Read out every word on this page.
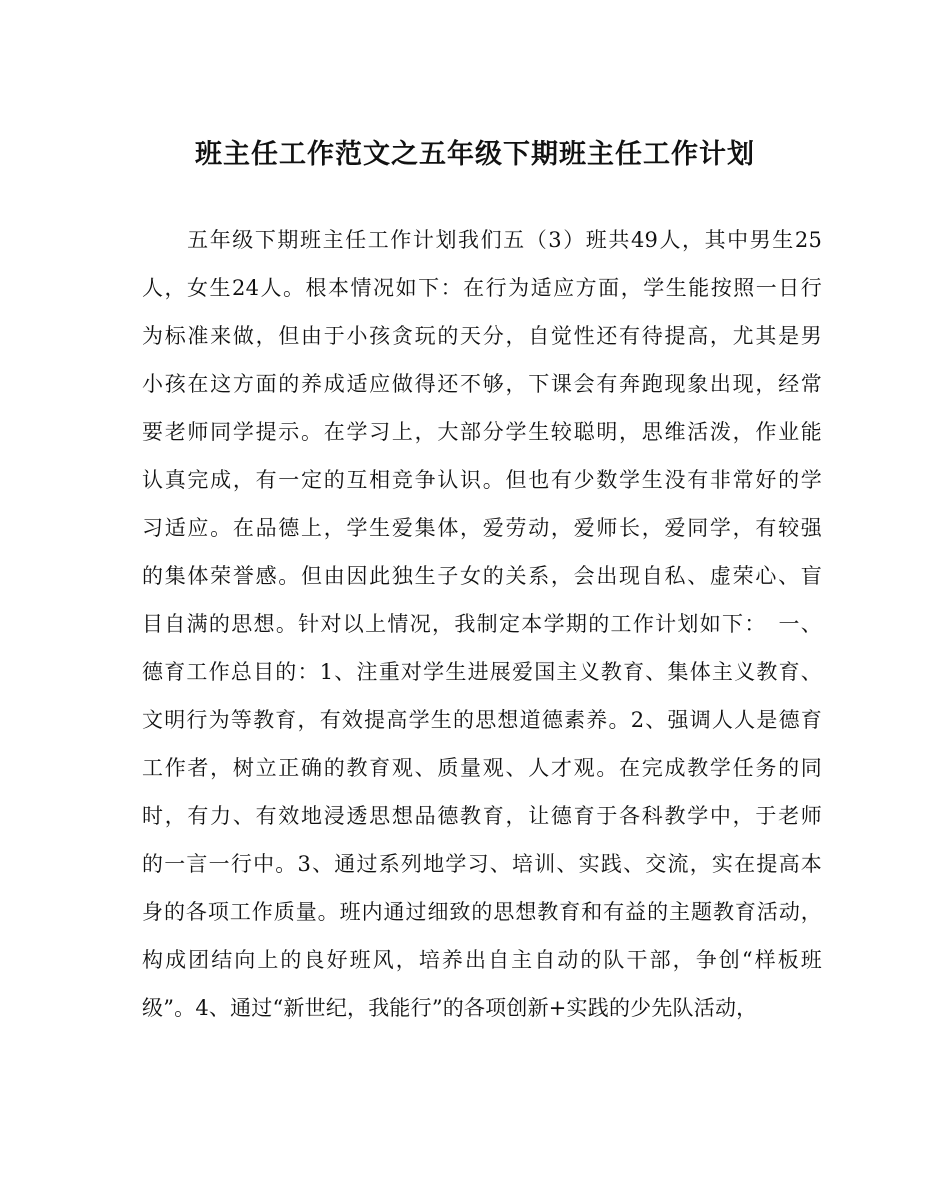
班主任工作范文之五年级下期班主任工作计划
　　五年级下期班主任工作计划我们五（3）班共49人，其中男生25
人，女生24人。根本情况如下：在行为适应方面，学生能按照一日行
为标准来做，但由于小孩贪玩的天分，自觉性还有待提高，尤其是男
小孩在这方面的养成适应做得还不够，下课会有奔跑现象出现，经常
要老师同学提示。在学习上，大部分学生较聪明，思维活泼，作业能
认真完成，有一定的互相竞争认识。但也有少数学生没有非常好的学
习适应。在品德上，学生爱集体，爱劳动，爱师长，爱同学，有较强
的集体荣誉感。但由因此独生子女的关系，会出现自私、虚荣心、盲
目自满的思想。针对以上情况，我制定本学期的工作计划如下：　一、
德育工作总目的：1、注重对学生进展爱国主义教育、集体主义教育、
文明行为等教育，有效提高学生的思想道德素养。2、强调人人是德育
工作者，树立正确的教育观、质量观、人才观。在完成教学任务的同
时，有力、有效地浸透思想品德教育，让德育于各科教学中，于老师
的一言一行中。3、通过系列地学习、培训、实践、交流，实在提高本
身的各项工作质量。班内通过细致的思想教育和有益的主题教育活动，
构成团结向上的良好班风，培养出自主自动的队干部，争创“样板班
级”。4、通过“新世纪，我能行”的各项创新+实践的少先队活动，
